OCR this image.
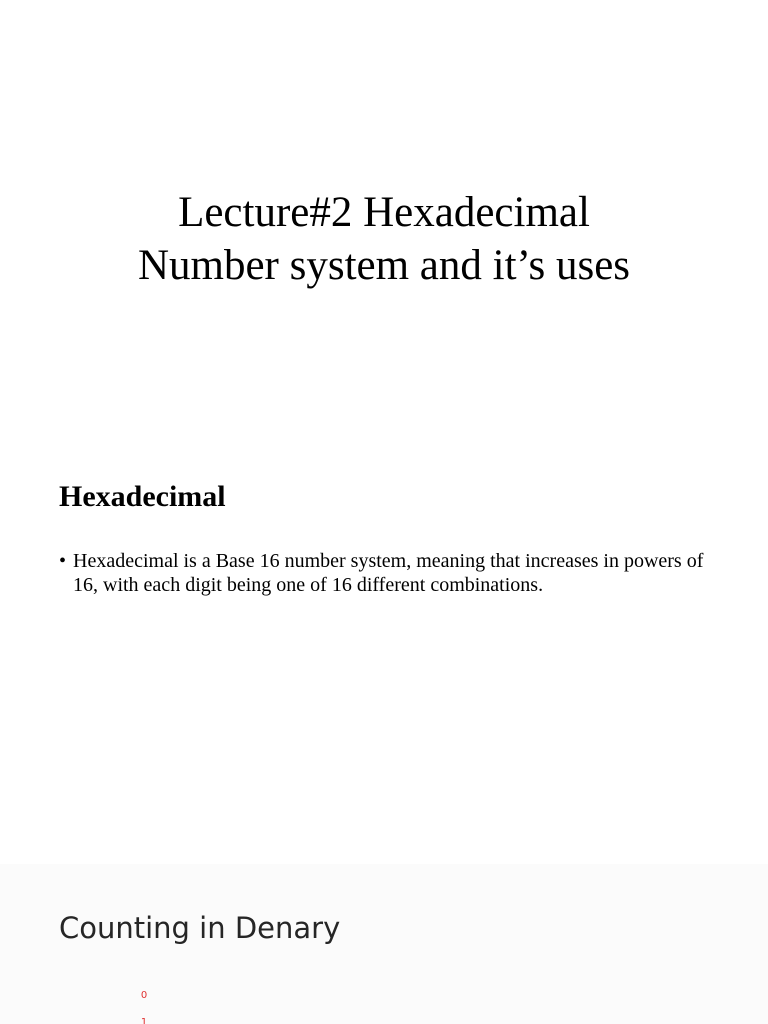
Lecture#2 Hexadecimal
Number system and it’s uses
Hexadecimal
• Hexadecimal is a Base 16 number system, meaning that increases in powers of 16, with each digit being one of 16 different combinations.
Counting in Denary
0
1
